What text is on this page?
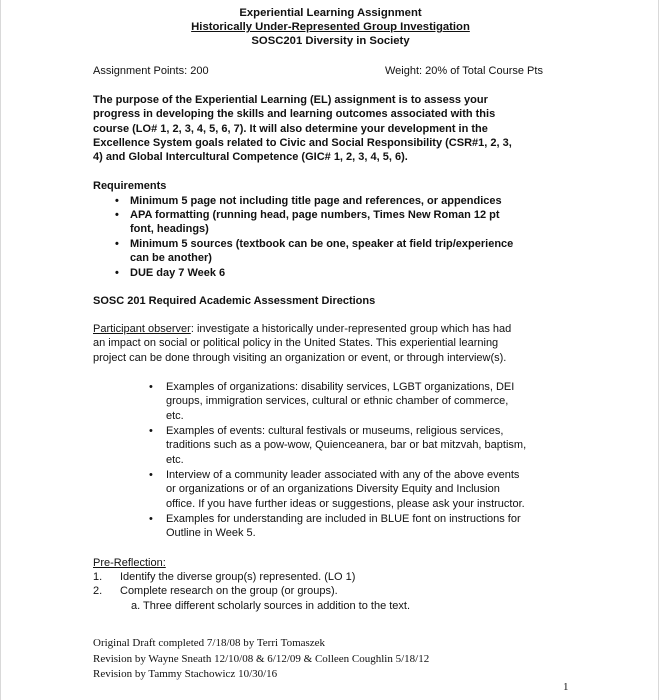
Experiential Learning Assignment
Historically Under-Represented Group Investigation
SOSC201 Diversity in Society
Assignment Points: 200	Weight: 20% of Total Course Pts
The purpose of the Experiential Learning (EL) assignment is to assess your
progress in developing the skills and learning outcomes associated with this
course (LO# 1, 2, 3, 4, 5, 6, 7). It will also determine your development in the
Excellence System goals related to Civic and Social Responsibility (CSR#1, 2, 3,
4) and Global Intercultural Competence (GIC# 1, 2, 3, 4, 5, 6).
Requirements
• Minimum 5 page not including title page and references, or appendices
• APA formatting (running head, page numbers, Times New Roman 12 pt
font, headings)
• Minimum 5 sources (textbook can be one, speaker at field trip/experience
can be another)
• DUE day 7 Week 6
SOSC 201 Required Academic Assessment Directions
Participant observer: investigate a historically under-represented group which has had
an impact on social or political policy in the United States. This experiential learning
project can be done through visiting an organization or event, or through interview(s).
• Examples of organizations: disability services, LGBT organizations, DEI
groups, immigration services, cultural or ethnic chamber of commerce,
etc.
• Examples of events: cultural festivals or museums, religious services,
traditions such as a pow-wow, Quienceanera, bar or bat mitzvah, baptism,
etc.
• Interview of a community leader associated with any of the above events
or organizations or of an organizations Diversity Equity and Inclusion
office. If you have further ideas or suggestions, please ask your instructor.
• Examples for understanding are included in BLUE font on instructions for
Outline in Week 5.
Pre-Reflection:
1. Identify the diverse group(s) represented. (LO 1)
2. Complete research on the group (or groups).
a. Three different scholarly sources in addition to the text.
Original Draft completed 7/18/08 by Terri Tomaszek
Revision by Wayne Sneath 12/10/08 & 6/12/09 & Colleen Coughlin 5/18/12
Revision by Tammy Stachowicz 10/30/16
1
